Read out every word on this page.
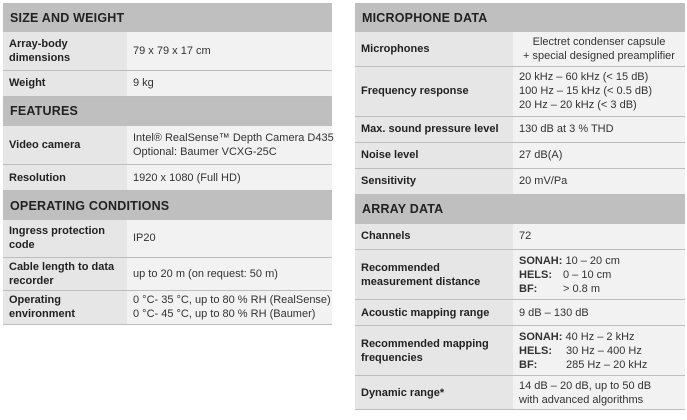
SIZE AND WEIGHT	
Array-body dimensions	79 x 79 x 17 cm
Weight	9 kg
FEATURES	
Video camera	Intel® RealSense™ Depth Camera D435
Optional: Baumer VCXG-25C

Resolution	1920 x 1080 (Full HD)
OPERATING CONDITIONS	
Ingress protection code	IP20
Cable length to data recorder	up to 20 m (on request: 50 m)
Operating environment	0 °C- 35 °C, up to 80 % RH (RealSense)
0 °C- 45 °C, up to 80 % RH (Baumer)
MICROPHONE DATA	
Microphones	Electret condenser capsule
+ special designed preamplifier

Frequency response	20 kHz – 60 kHz (< 15 dB)
100 Hz – 15 kHz (< 0.5 dB)
20 Hz – 20 kHz (< 3 dB)

Max. sound pressure level	130 dB at 3 % THD
Noise level	27 dB(A)
Sensitivity	20 mV/Pa
ARRAY DATA	
Channels	72
Recommended measurement distance	SONAH: 10 – 20 cm
HELS: 0 – 10 cm
BF: > 0.8 m

Acoustic mapping range	9 dB – 130 dB
Recommended mapping frequencies	SONAH: 40 Hz – 2 kHz
HELS: 30 Hz – 400 Hz
BF: 285 Hz – 20 kHz

Dynamic range*	14 dB – 20 dB, up to 50 dB
with advanced algorithms
